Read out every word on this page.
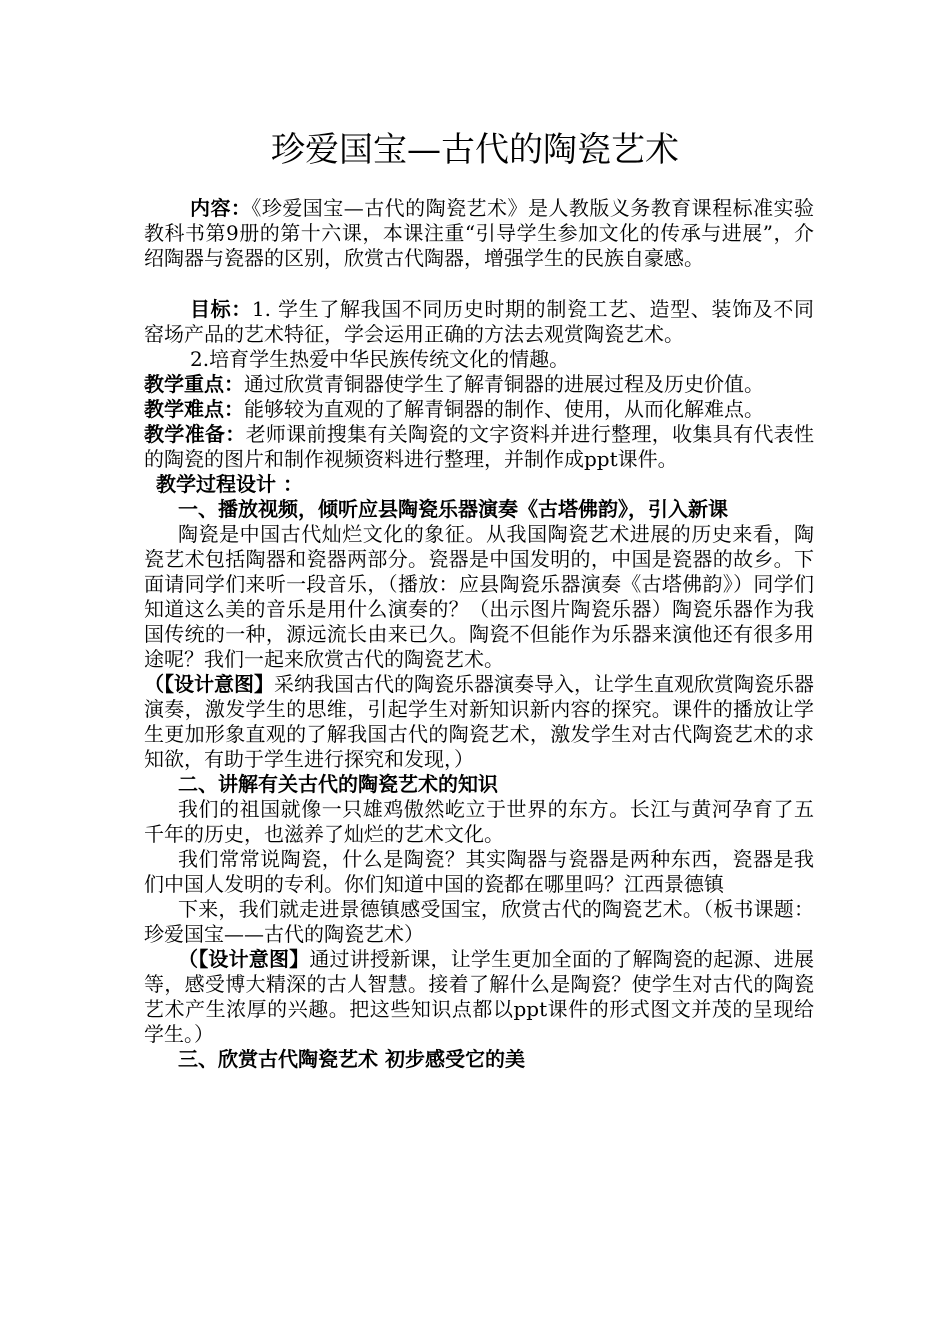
珍爱国宝—古代的陶瓷艺术

内容：《珍爱国宝—古代的陶瓷艺术》是人教版义务教育课程标准实验教科书第9册的第十六课，本课注重“引导学生参加文化的传承与进展”，介绍陶器与瓷器的区别，欣赏古代陶器，增强学生的民族自豪感。

目标：1. 学生了解我国不同历史时期的制瓷工艺、造型、装饰及不同窑场产品的艺术特征，学会运用正确的方法去观赏陶瓷艺术。

2.培育学生热爱中华民族传统文化的情趣。

教学重点：通过欣赏青铜器使学生了解青铜器的进展过程及历史价值。

教学难点：能够较为直观的了解青铜器的制作、使用，从而化解难点。

教学准备：老师课前搜集有关陶瓷的文字资料并进行整理，收集具有代表性的陶瓷的图片和制作视频资料进行整理，并制作成ppt课件。

教学过程设计 ：

一、播放视频，倾听应县陶瓷乐器演奏《古塔佛韵》，引入新课

陶瓷是中国古代灿烂文化的象征。从我国陶瓷艺术进展的历史来看，陶瓷艺术包括陶器和瓷器两部分。瓷器是中国发明的，中国是瓷器的故乡。下面请同学们来听一段音乐，（播放：应县陶瓷乐器演奏《古塔佛韵》）同学们知道这么美的音乐是用什么演奏的？（出示图片陶瓷乐器）陶瓷乐器作为我国传统的一种，源远流长由来已久。陶瓷不但能作为乐器来演他还有很多用途呢？我们一起来欣赏古代的陶瓷艺术。

（【设计意图】采纳我国古代的陶瓷乐器演奏导入，让学生直观欣赏陶瓷乐器演奏，激发学生的思维，引起学生对新知识新内容的探究。课件的播放让学生更加形象直观的了解我国古代的陶瓷艺术，激发学生对古代陶瓷艺术的求知欲，有助于学生进行探究和发现，）

二、讲解有关古代的陶瓷艺术的知识

我们的祖国就像一只雄鸡傲然屹立于世界的东方。长江与黄河孕育了五千年的历史，也滋养了灿烂的艺术文化。

我们常常说陶瓷，什么是陶瓷？其实陶器与瓷器是两种东西，瓷器是我们中国人发明的专利。你们知道中国的瓷都在哪里吗？江西景德镇

下来，我们就走进景德镇感受国宝，欣赏古代的陶瓷艺术。（板书课题：珍爱国宝——古代的陶瓷艺术）

（【设计意图】通过讲授新课，让学生更加全面的了解陶瓷的起源、进展等，感受博大精深的古人智慧。接着了解什么是陶瓷？使学生对古代的陶瓷艺术产生浓厚的兴趣。把这些知识点都以ppt课件的形式图文并茂的呈现给学生。）

三、欣赏古代陶瓷艺术 初步感受它的美
